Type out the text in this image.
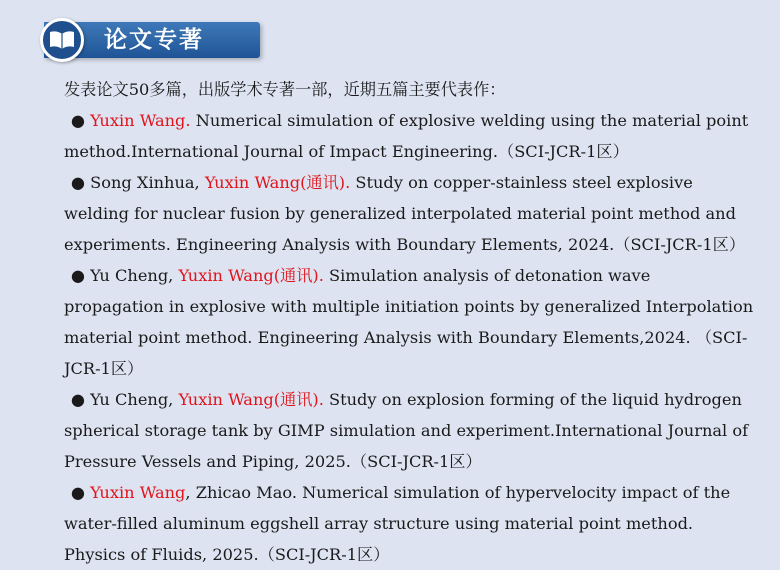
论文专著

发表论文50多篇，出版学术专著一部，近期五篇主要代表作：

● Yuxin Wang. Numerical simulation of explosive welding using the material point method.International Journal of Impact Engineering.（SCI-JCR-1区）

● Song Xinhua, Yuxin Wang(通讯). Study on copper-stainless steel explosive welding for nuclear fusion by generalized interpolated material point method and experiments. Engineering Analysis with Boundary Elements, 2024.（SCI-JCR-1区）

● Yu Cheng, Yuxin Wang(通讯). Simulation analysis of detonation wave propagation in explosive with multiple initiation points by generalized Interpolation material point method. Engineering Analysis with Boundary Elements,2024. （SCI-JCR-1区）

● Yu Cheng, Yuxin Wang(通讯). Study on explosion forming of the liquid hydrogen spherical storage tank by GIMP simulation and experiment.International Journal of Pressure Vessels and Piping, 2025.（SCI-JCR-1区）

● Yuxin Wang, Zhicao Mao. Numerical simulation of hypervelocity impact of the water-filled aluminum eggshell array structure using material point method. Physics of Fluids, 2025.（SCI-JCR-1区）
